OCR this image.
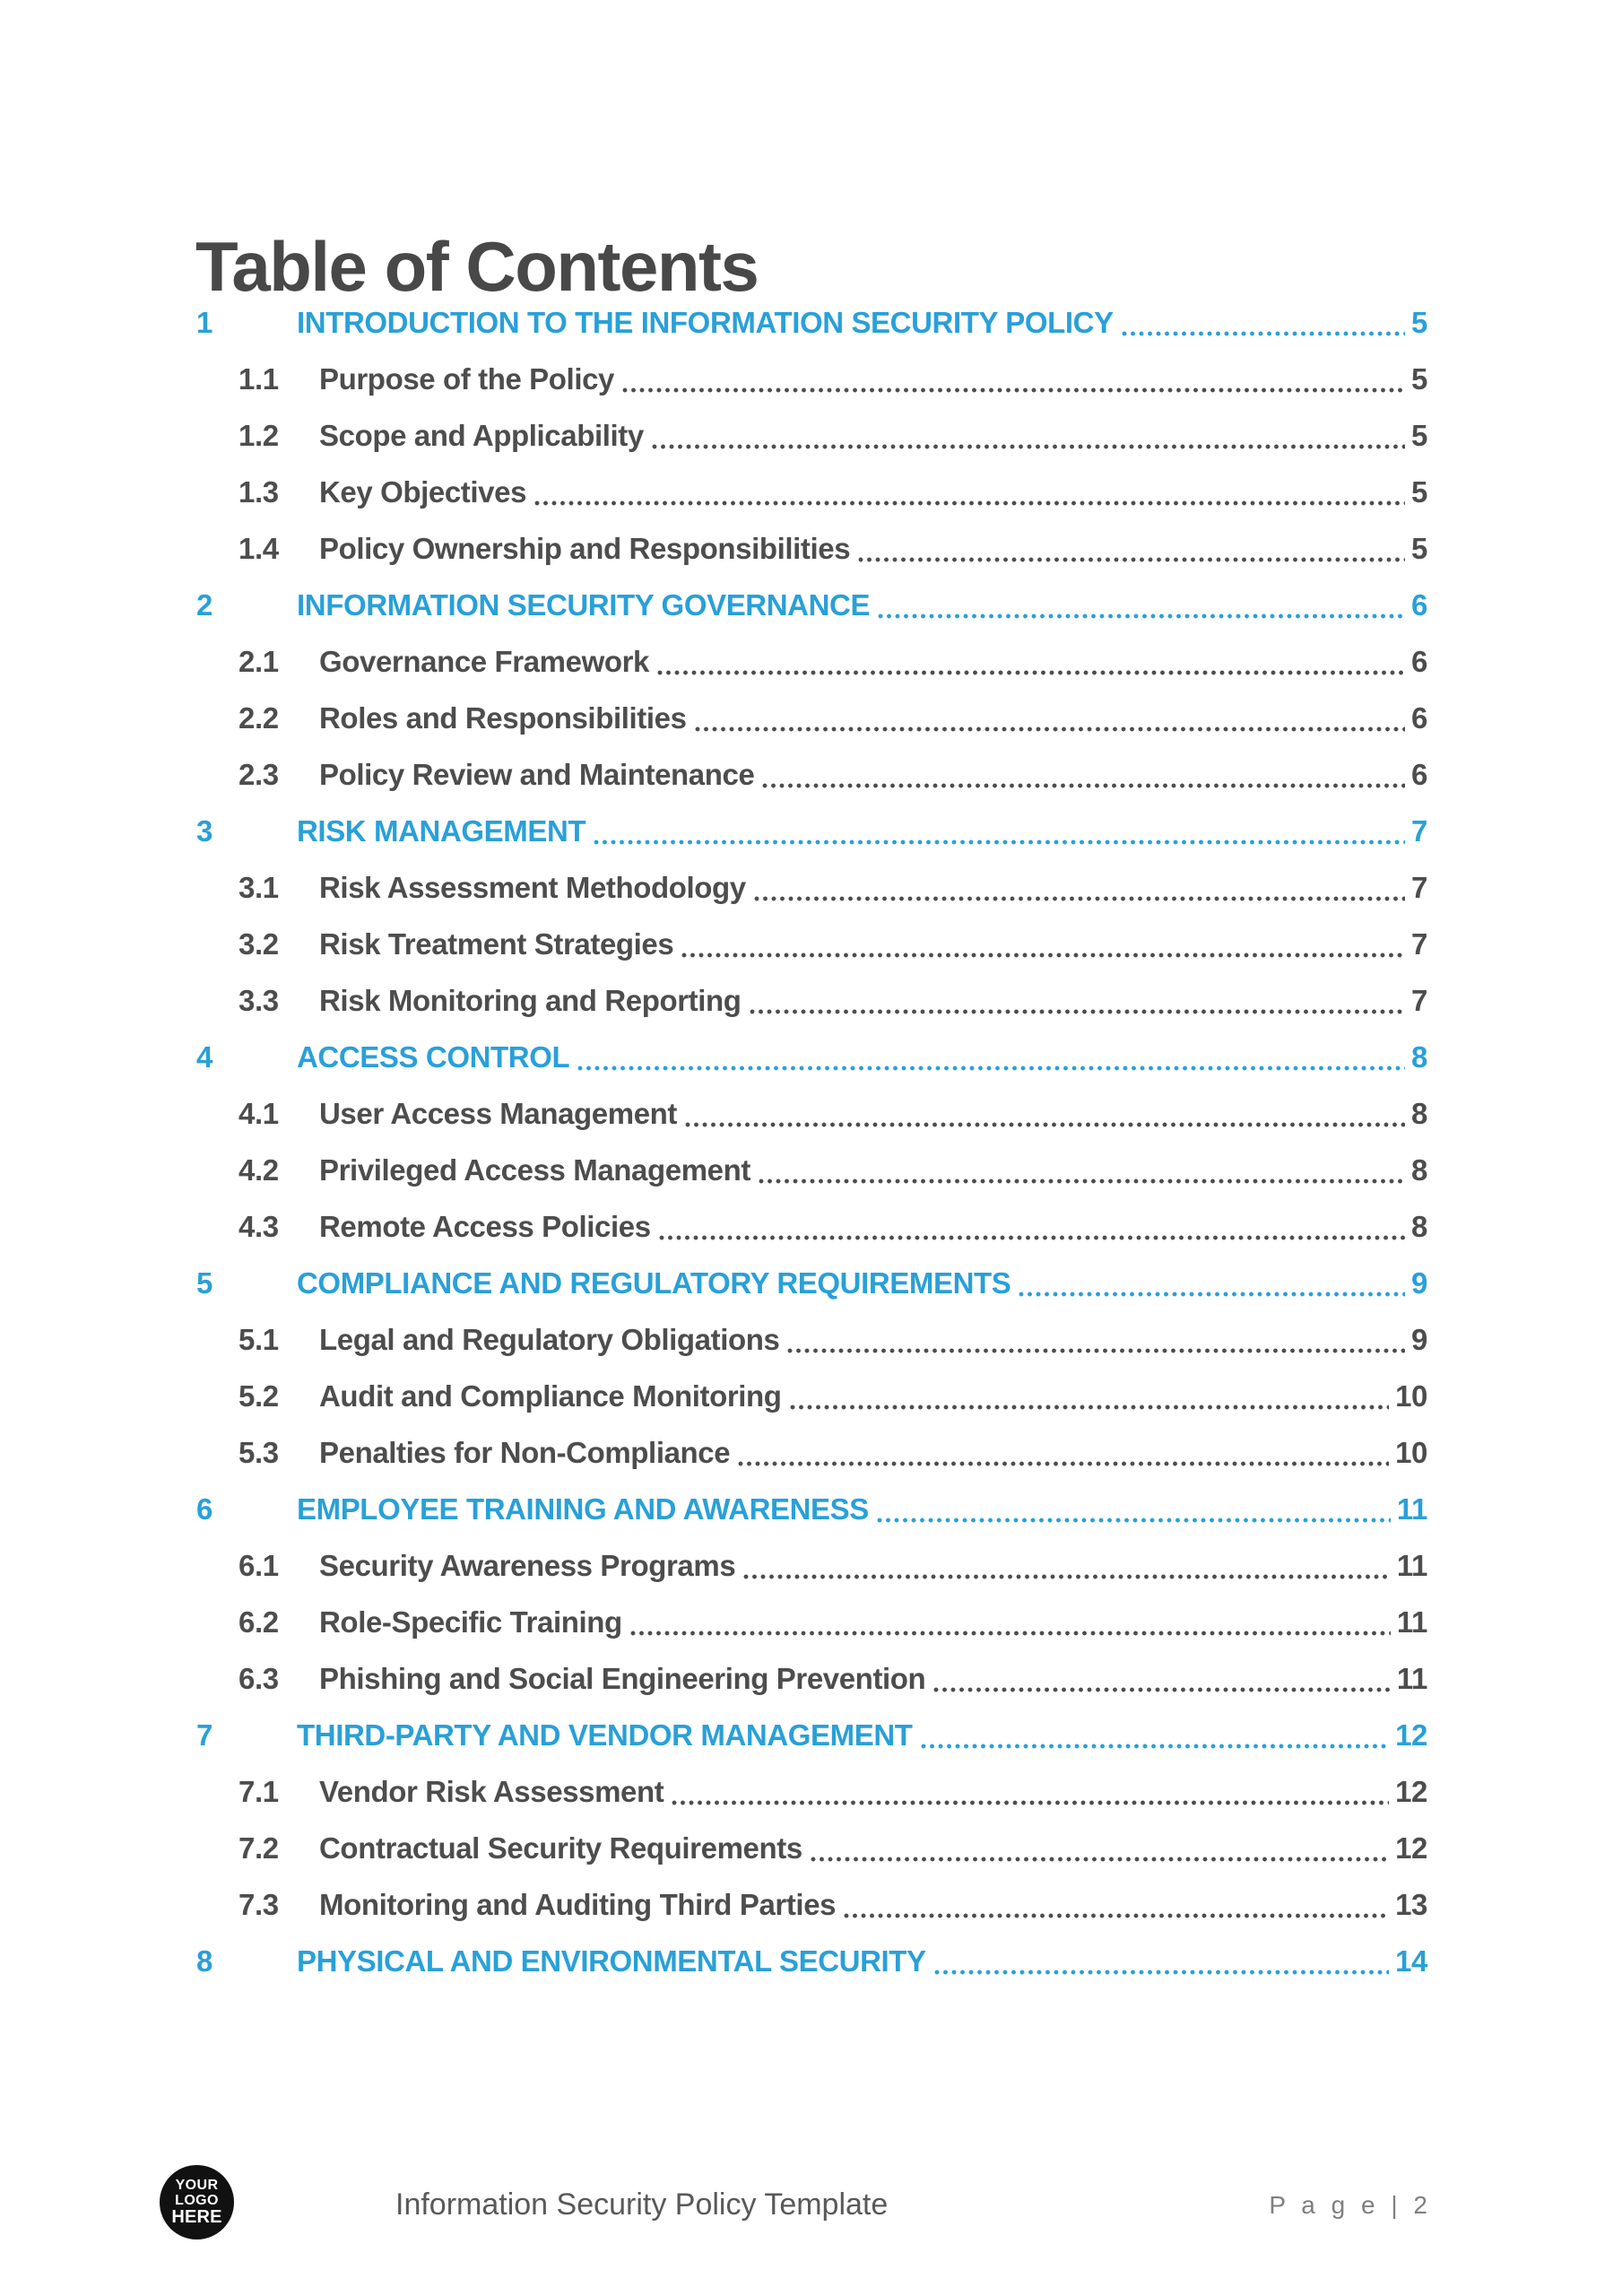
Table of Contents
1	INTRODUCTION TO THE INFORMATION SECURITY POLICY	5
1.1	Purpose of the Policy	5
1.2	Scope and Applicability	5
1.3	Key Objectives	5
1.4	Policy Ownership and Responsibilities	5
2	INFORMATION SECURITY GOVERNANCE	6
2.1	Governance Framework	6
2.2	Roles and Responsibilities	6
2.3	Policy Review and Maintenance	6
3	RISK MANAGEMENT	7
3.1	Risk Assessment Methodology	7
3.2	Risk Treatment Strategies	7
3.3	Risk Monitoring and Reporting	7
4	ACCESS CONTROL	8
4.1	User Access Management	8
4.2	Privileged Access Management	8
4.3	Remote Access Policies	8
5	COMPLIANCE AND REGULATORY REQUIREMENTS	9
5.1	Legal and Regulatory Obligations	9
5.2	Audit and Compliance Monitoring	10
5.3	Penalties for Non-Compliance	10
6	EMPLOYEE TRAINING AND AWARENESS	11
6.1	Security Awareness Programs	11
6.2	Role-Specific Training	11
6.3	Phishing and Social Engineering Prevention	11
7	THIRD-PARTY AND VENDOR MANAGEMENT	12
7.1	Vendor Risk Assessment	12
7.2	Contractual Security Requirements	12
7.3	Monitoring and Auditing Third Parties	13
8	PHYSICAL AND ENVIRONMENTAL SECURITY	14
YOUR
LOGO
HERE	Information Security Policy Template	P a g e | 2
